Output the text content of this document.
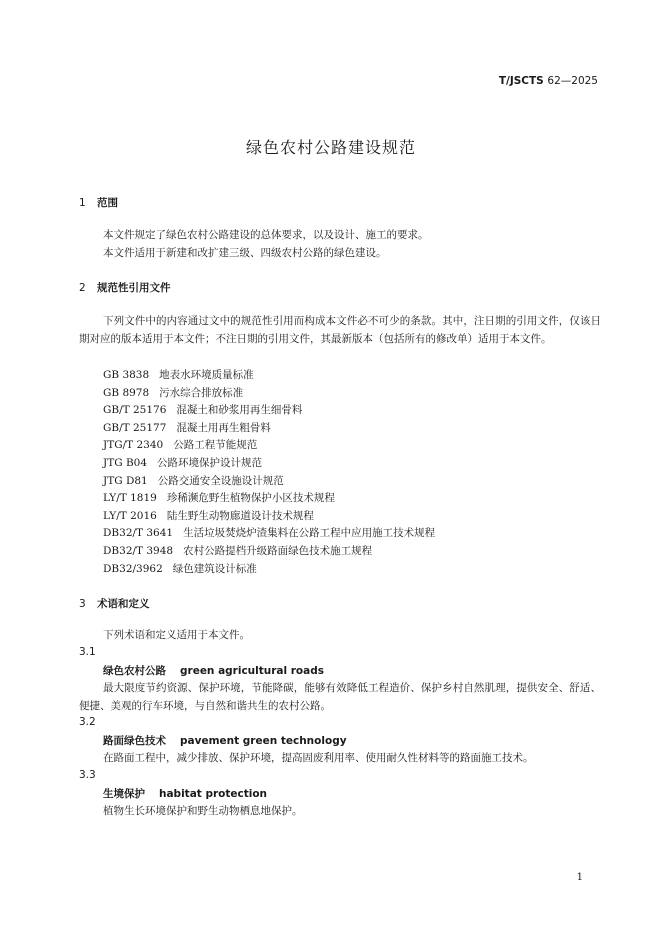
T/JSCTS 62—2025
绿色农村公路建设规范
1 范围
本文件规定了绿色农村公路建设的总体要求，以及设计、施工的要求。
本文件适用于新建和改扩建三级、四级农村公路的绿色建设。
2 规范性引用文件
下列文件中的内容通过文中的规范性引用而构成本文件必不可少的条款。其中，注日期的引用文件，仅该日期对应的版本适用于本文件；不注日期的引用文件，其最新版本（包括所有的修改单）适用于本文件。
GB 3838 地表水环境质量标准
GB 8978 污水综合排放标准
GB/T 25176 混凝土和砂浆用再生细骨料
GB/T 25177 混凝土用再生粗骨料
JTG/T 2340 公路工程节能规范
JTG B04 公路环境保护设计规范
JTG D81 公路交通安全设施设计规范
LY/T 1819 珍稀濒危野生植物保护小区技术规程
LY/T 2016 陆生野生动物廊道设计技术规程
DB32/T 3641 生活垃圾焚烧炉渣集料在公路工程中应用施工技术规程
DB32/T 3948 农村公路提档升级路面绿色技术施工规程
DB32/3962 绿色建筑设计标准
3 术语和定义
下列术语和定义适用于本文件。
3.1
绿色农村公路 green agricultural roads
最大限度节约资源、保护环境，节能降碳，能够有效降低工程造价、保护乡村自然肌理，提供安全、舒适、便捷、美观的行车环境，与自然和谐共生的农村公路。
3.2
路面绿色技术 pavement green technology
在路面工程中，减少排放、保护环境，提高固废利用率、使用耐久性材料等的路面施工技术。
3.3
生境保护 habitat protection
植物生长环境保护和野生动物栖息地保护。
1
